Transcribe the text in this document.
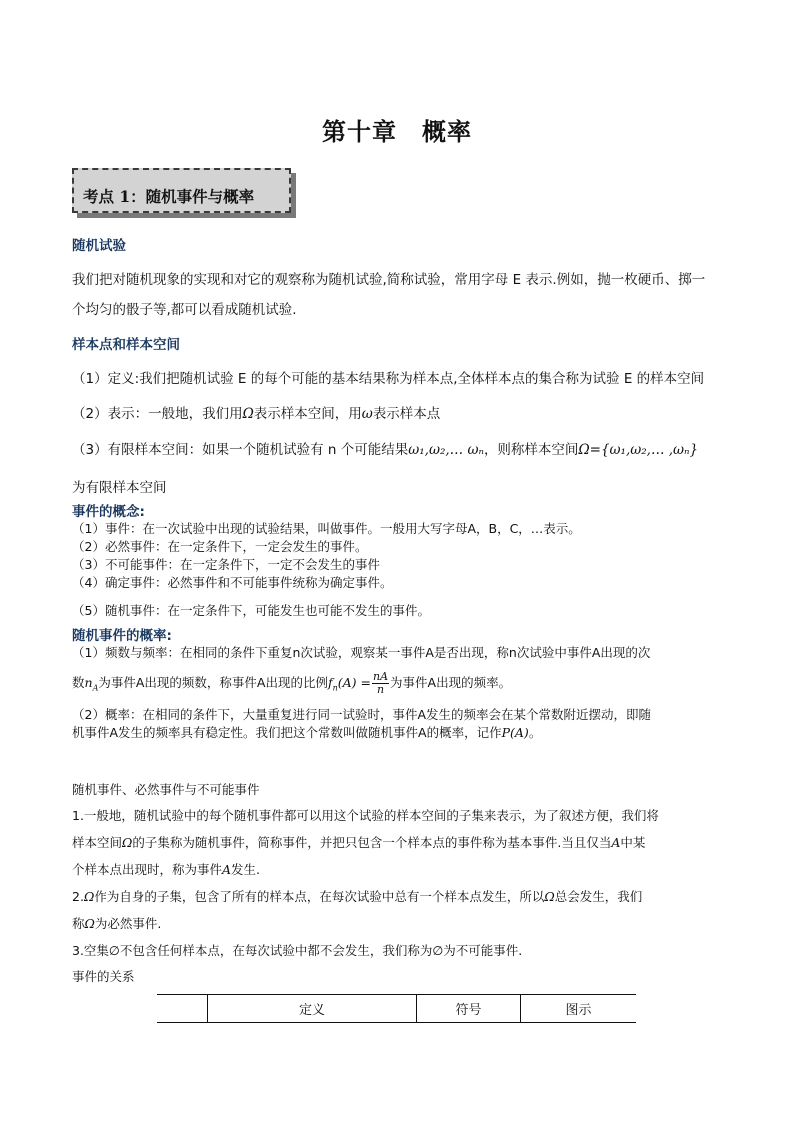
第十章　概率
考点 1：随机事件与概率
随机试验
我们把对随机现象的实现和对它的观察称为随机试验,简称试验，常用字母 E 表示.例如，抛一枚硬币、掷一
个均匀的骰子等,都可以看成随机试验.
样本点和样本空间
（1）定义:我们把随机试验 E 的每个可能的基本结果称为样本点,全体样本点的集合称为试验 E 的样本空间
（2）表示：一般地，我们用Ω表示样本空间，用ω表示样本点
（3）有限样本空间：如果一个随机试验有 n 个可能结果ω₁,ω₂,… ωₙ，则称样本空间Ω={ω₁,ω₂,… ,ωₙ}
为有限样本空间
事件的概念:
（1）事件：在一次试验中出现的试验结果，叫做事件。一般用大写字母A，B，C，…表示。
（2）必然事件：在一定条件下，一定会发生的事件。
（3）不可能事件：在一定条件下，一定不会发生的事件
（4）确定事件：必然事件和不可能事件统称为确定事件。
（5）随机事件：在一定条件下，可能发生也可能不发生的事件。
随机事件的概率:
（1）频数与频率：在相同的条件下重复n次试验，观察某一事件A是否出现，称n次试验中事件A出现的次
数$n_A$为事件A出现的频数，称事件A出现的比例$f_n(A) = \frac{nA}{n}$ 为事件A出现的频率。
（2）概率：在相同的条件下，大量重复进行同一试验时，事件A发生的频率会在某个常数附近摆动，即随
机事件A发生的频率具有稳定性。我们把这个常数叫做随机事件A的概率，记作P(A)。
随机事件、必然事件与不可能事件
1.一般地，随机试验中的每个随机事件都可以用这个试验的样本空间的子集来表示，为了叙述方便，我们将
样本空间Ω的子集称为随机事件，简称事件，并把只包含一个样本点的事件称为基本事件.当且仅当A中某
个样本点出现时，称为事件A发生.
2.Ω作为自身的子集，包含了所有的样本点，在每次试验中总有一个样本点发生，所以Ω总会发生，我们
称Ω为必然事件.
3.空集∅不包含任何样本点，在每次试验中都不会发生，我们称为∅为不可能事件.
事件的关系
	定义	符号	图示
